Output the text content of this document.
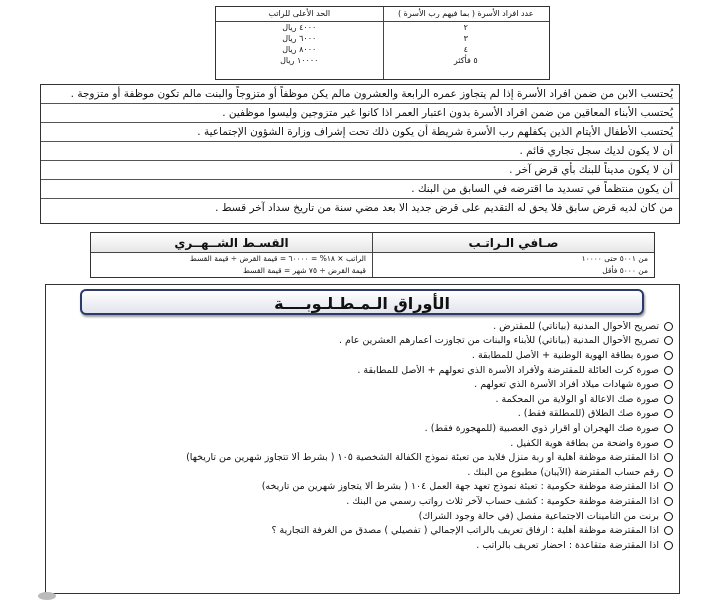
الحد الأعلى للراتب	عدد افراد الأسرة ( بما فيهم رب الأسرة )
٤٠٠٠ ريال	٢
٦٠٠٠ ريال	٣
٨٠٠٠ ريال	٤
١٠٠٠٠ ريال	٥ فأكثر
يُحتسب الابن من ضمن افراد الأسرة إذا لم يتجاوز عمره الرابعة والعشرون مالم يكن موظفاً أو متزوجاً والبنت مالم تكون موظفة أو متزوجة .
يُحتسب الأبناء المعاقين من ضمن افراد الأسرة بدون اعتبار العمر اذا كانوا غير متزوجين وليسوا موظفين .
يُحتسب الأطفال الأيتام الذين يكفلهم رب الأسرة شريطة أن يكون ذلك تحت إشراف وزارة الشؤون الإجتماعية .
أن لا يكون لديك سجل تجاري قائم .
أن لا يكون مديناً للبنك بأي قرض آخر .
أن يكون منتظماً في تسديد ما اقترضه في السابق من البنك .
من كان لديه قرض سابق فلا يحق له التقديم على قرض جديد الا بعد مضي سنة من تاريخ سداد آخر قسط .
القسـط الشــهــري	صـافي الـراتـب
الراتب × ١٨% = ٦٠٠٠٠ = قيمة القرض ÷ قيمة القسط	من ٥٠٠١ حتى ١٠٠٠٠
قيمة القرض ÷ ٧٥ شهر = قيمة القسط	من ٥٠٠٠ فأقل
الأوراق الـمـطـلـوبــــة
تصريح الأحوال المدنية (بياناتي) للمقترض .
تصريح الأحوال المدنية (بياناتي) للأبناء والبنات من تجاوزت أعمارهم العشرين عام .
صورة بطاقة الهوية الوطنية + الأصل للمطابقة .
صورة كرت العائلة للمقترضة ولأفراد الأسرة الذي تعولهم + الأصل للمطابقة .
صورة شهادات ميلاد أفراد الأسرة الذي تعولهم .
صورة صك الاعالة أو الولاية من المحكمة .
صورة صك الطلاق (للمطلقة فقط) .
صورة صك الهجران أو اقرار ذوي العصبية (للمهجورة فقط) .
صورة واضحة من بطاقة هوية الكفيل .
اذا المقترضة موظفة أهلية أو ربة منزل فلابد من تعبئة نموذج الكفالة الشخصية ١٠٥ ( بشرط ألا تتجاوز شهرين من تاريخها)
رقم حساب المقترضة (الآيبان) مطبوع من البنك .
اذا المقترضة موظفة حكومية : تعبئة نموذج تعهد جهة العمل ١٠٤ ( بشرط ألا يتجاوز شهرين من تاريخه)
اذا المقترضة موظفة حكومية : كشف حساب لآخر ثلاث رواتب رسمي من البنك .
برنت من التأمينات الاجتماعية مفصل (في حالة وجود الشراك)
اذا المقترضة موظفة أهلية : ارفاق تعريف بالراتب الإجمالي ( تفصيلي ) مصدق من الغرفة التجارية ؟
اذا المقترضة متقاعدة : احضار تعريف بالراتب .
